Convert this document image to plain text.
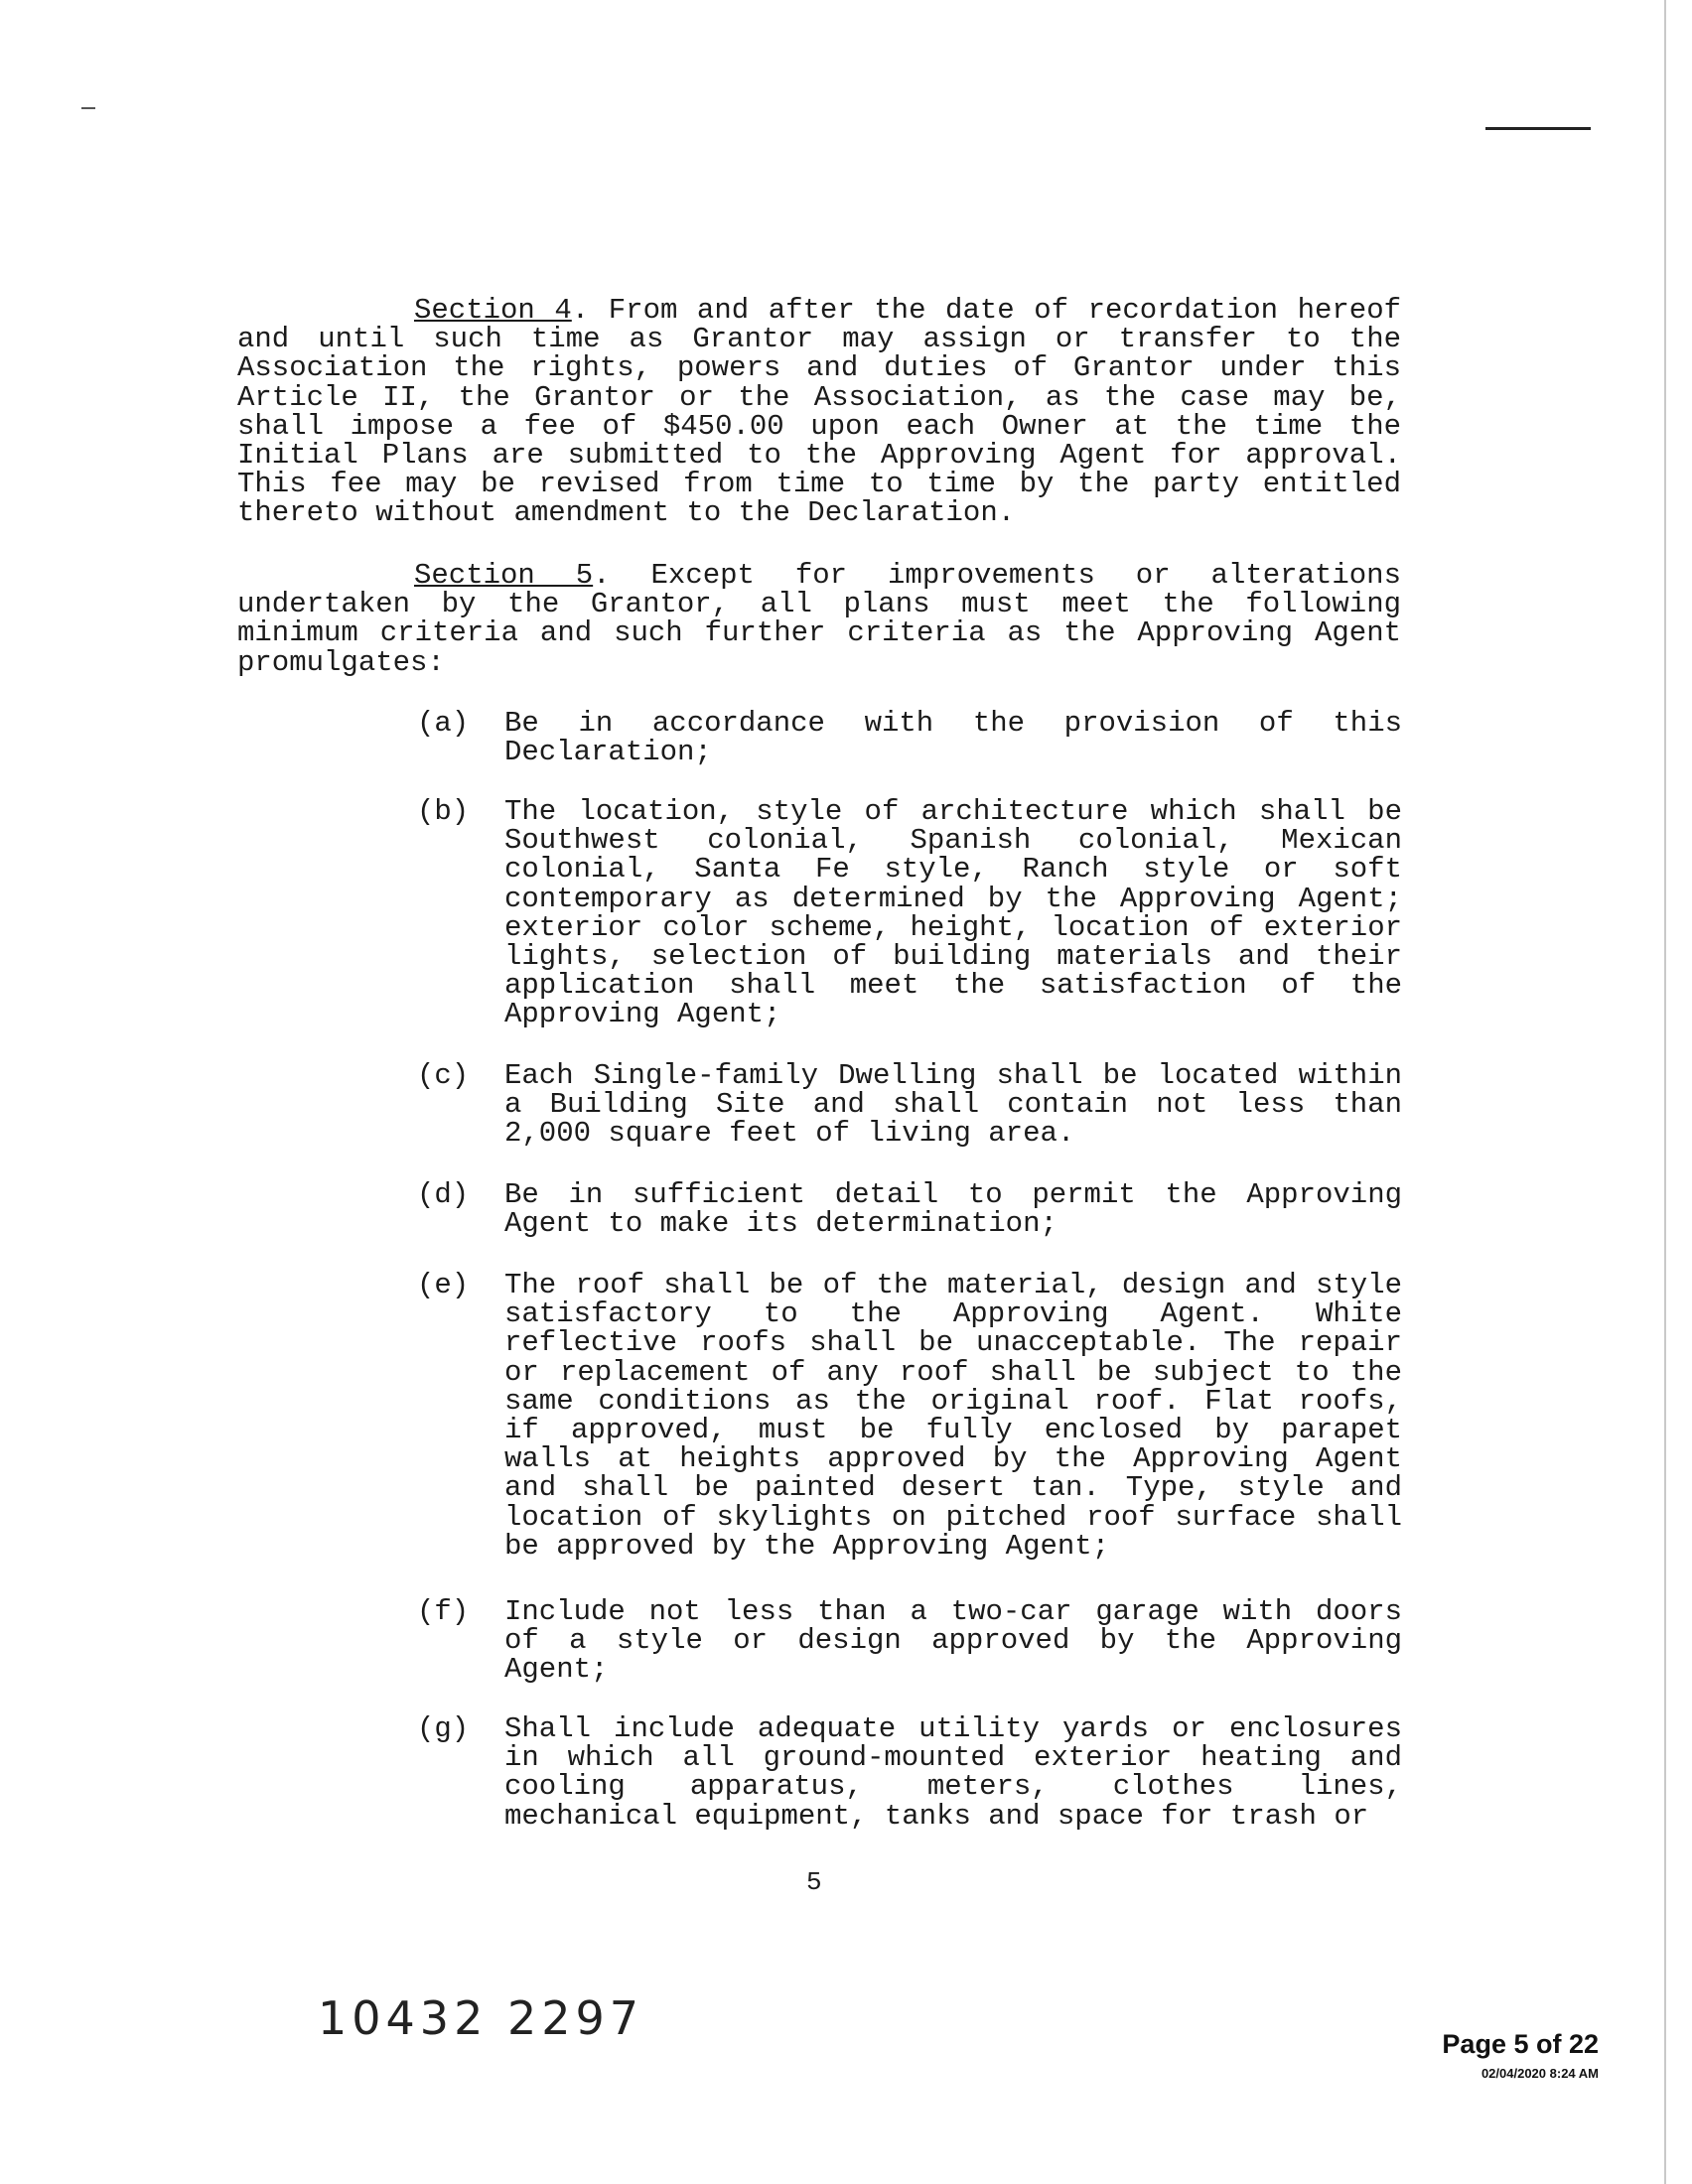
Section 4. From and after the date of recordation hereof and until such time as Grantor may assign or transfer to the Association the rights, powers and duties of Grantor under this Article II, the Grantor or the Association, as the case may be, shall impose a fee of $450.00 upon each Owner at the time the Initial Plans are submitted to the Approving Agent for approval. This fee may be revised from time to time by the party entitled thereto without amendment to the Declaration.

Section 5. Except for improvements or alterations undertaken by the Grantor, all plans must meet the following minimum criteria and such further criteria as the Approving Agent promulgates:

(a) Be in accordance with the provision of this Declaration;
(b) The location, style of architecture which shall be Southwest colonial, Spanish colonial, Mexican colonial, Santa Fe style, Ranch style or soft contemporary as determined by the Approving Agent; exterior color scheme, height, location of exterior lights, selection of building materials and their application shall meet the satisfaction of the Approving Agent;
(c) Each Single-family Dwelling shall be located within a Building Site and shall contain not less than 2,000 square feet of living area.
(d) Be in sufficient detail to permit the Approving Agent to make its determination;
(e) The roof shall be of the material, design and style satisfactory to the Approving Agent. White reflective roofs shall be unacceptable. The repair or replacement of any roof shall be subject to the same conditions as the original roof. Flat roofs, if approved, must be fully enclosed by parapet walls at heights approved by the Approving Agent and shall be painted desert tan. Type, style and location of skylights on pitched roof surface shall be approved by the Approving Agent;
(f) Include not less than a two-car garage with doors of a style or design approved by the Approving Agent;
(g) Shall include adequate utility yards or enclosures in which all ground-mounted exterior heating and cooling apparatus, meters, clothes lines, mechanical equipment, tanks and space for trash or
5
10432 2297	Page 5 of 22
02/04/2020 8:24 AM
